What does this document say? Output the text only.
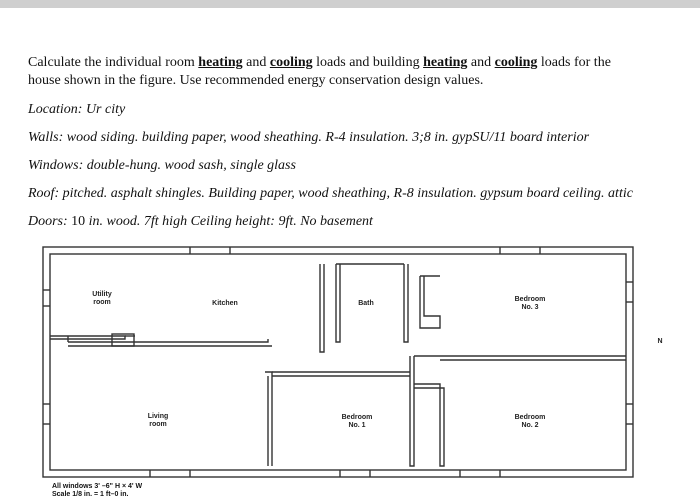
Calculate the individual room heating and cooling loads and building heating and cooling loads for the
house shown in the figure. Use recommended energy conservation design values.

Location: Ur city

Walls: wood siding. building paper, wood sheathing. R-4 insulation. 3;8 in. gypSU/11 board interior

Windows: double-hung. wood sash, single glass

Roof: pitched. asphalt shingles. Building paper, wood sheathing, R-8 insulation. gypsum board ceiling. attic

Doors: 10 in. wood. 7ft high Ceiling height: 9ft. No basement

Utility
room	Kitchen	Bath
Bedroom
No. 3
Living
room
Bedroom
No. 1
Bedroom
No. 2
N
All windows 3' –6" H × 4' W
Scale 1/8 in. = 1 ft–0 in.
